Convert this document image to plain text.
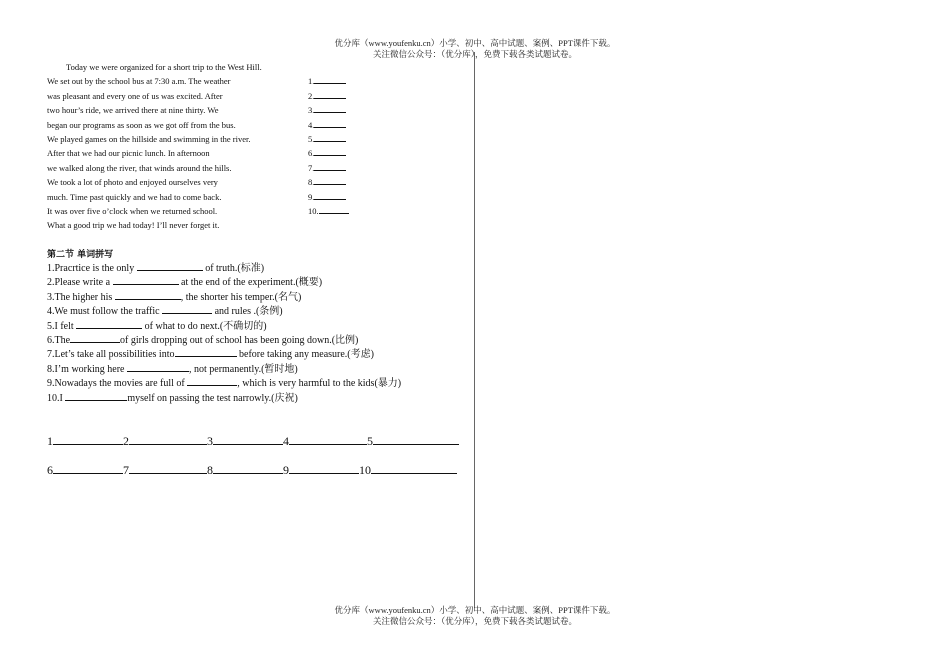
优分库（www.youfenku.cn）小学、初中、高中试题、案例、PPT课件下载。
关注微信公众号：（优分库），免费下载各类试题试卷。
Today we were organized for a short trip to the West Hill.
We set out by the school bus at 7:30 a.m. The weather	1.
was pleasant and every one of us was excited. After	2.
two hour’s ride, we arrived there at nine thirty. We	3.
began our programs as soon as we got off from the bus.	4.
We played games on the hillside and swimming in the river.	5.
After that we had our picnic lunch. In afternoon	6.
we walked along the river, that winds around the hills.	7.
We took a lot of photo and enjoyed ourselves very	8.
much. Time past quickly and we had to come back.	9.
It was over five o’clock when we returned school.	10.
What a good trip we had today! I’ll never forget it.
第二节 单词拼写
1.Pracrtice is the only	of truth.(标准)
2.Please write a	at the end of the experiment.(概要)
3.The higher his	, the shorter his temper.(名气)
4.We must follow the traffic	and rules .(条例)
5.I felt	of what to do next.(不确切的)
6.The	of girls dropping out of school has been going down.(比例)
7.Let’s take all possibilities into	before taking any measure.(考虑)
8.I’m working here	, not permanently.(暂时地)
9.Nowadays the movies are full of	, which is very harmful to the kids(暴力)
10.I	myself on passing the test narrowly.(庆祝)
1	2	3	4	5
6	7	8	9	10
优分库（www.youfenku.cn）小学、初中、高中试题、案例、PPT课件下载。
关注微信公众号：（优分库），免费下载各类试题试卷。
